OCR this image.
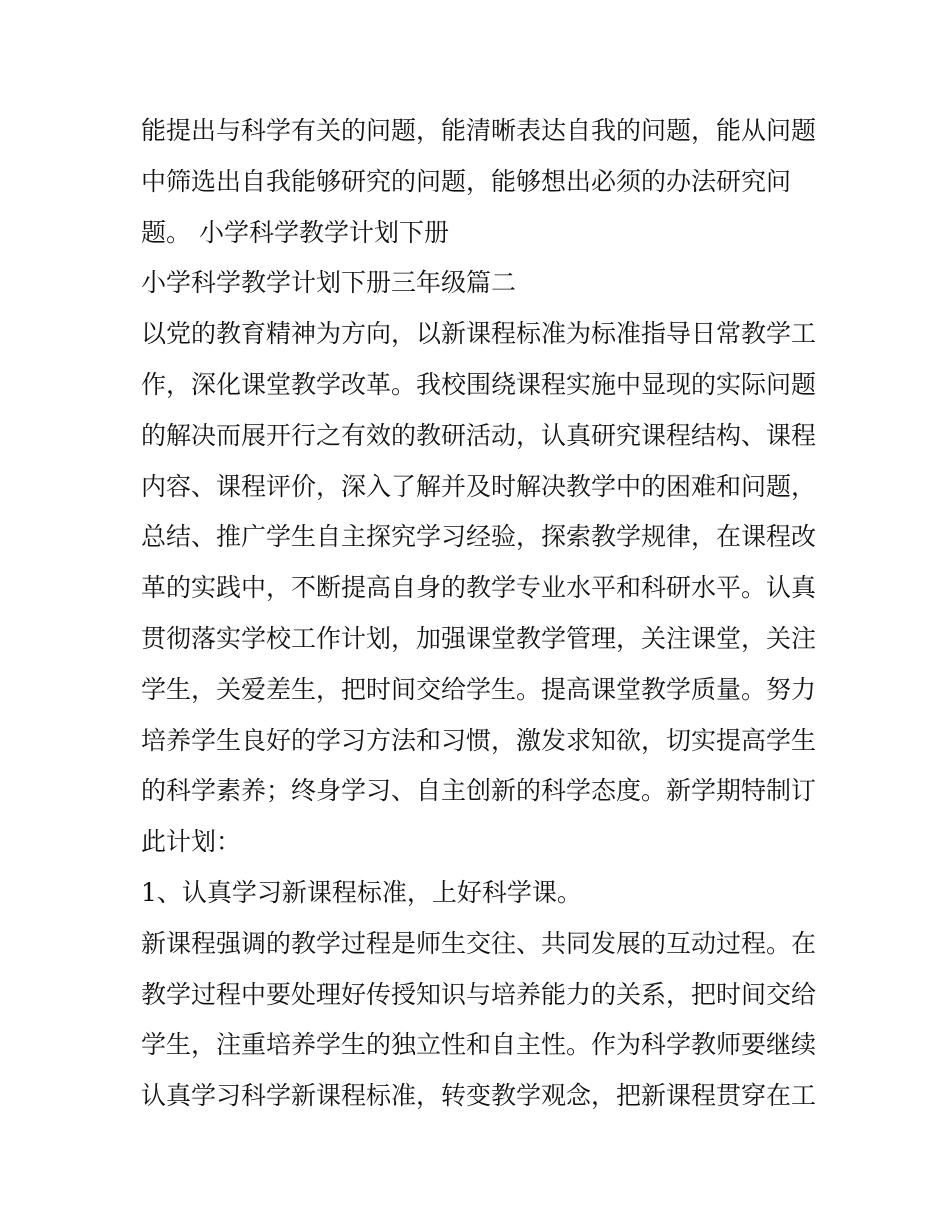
能提出与科学有关的问题，能清晰表达自我的问题，能从问题
中筛选出自我能够研究的问题，能够想出必须的办法研究问
题。 小学科学教学计划下册
小学科学教学计划下册三年级篇二
以党的教育精神为方向，以新课程标准为标准指导日常教学工
作，深化课堂教学改革。我校围绕课程实施中显现的实际问题
的解决而展开行之有效的教研活动，认真研究课程结构、课程
内容、课程评价，深入了解并及时解决教学中的困难和问题，
总结、推广学生自主探究学习经验，探索教学规律，在课程改
革的实践中，不断提高自身的教学专业水平和科研水平。认真
贯彻落实学校工作计划，加强课堂教学管理，关注课堂，关注
学生，关爱差生，把时间交给学生。提高课堂教学质量。努力
培养学生良好的学习方法和习惯，激发求知欲，切实提高学生
的科学素养；终身学习、自主创新的科学态度。新学期特制订
此计划：
1、认真学习新课程标准，上好科学课。
新课程强调的教学过程是师生交往、共同发展的互动过程。在
教学过程中要处理好传授知识与培养能力的关系，把时间交给
学生，注重培养学生的独立性和自主性。作为科学教师要继续
认真学习科学新课程标准，转变教学观念，把新课程贯穿在工
